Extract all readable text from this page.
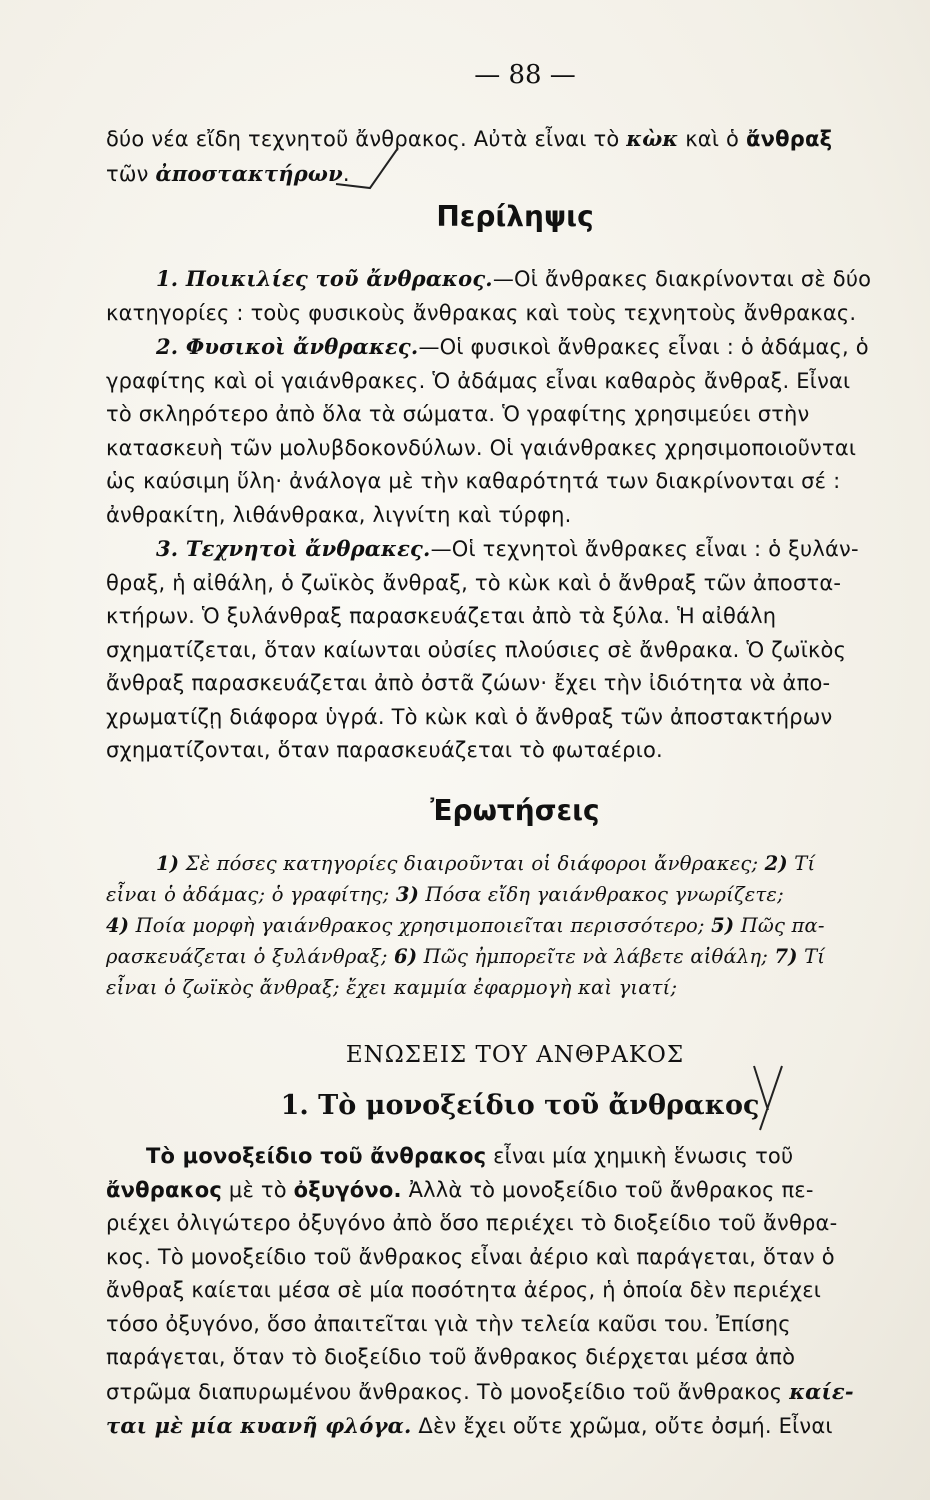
— 88 —

δύο νέα εἴδη τεχνητοῦ ἄνθρακος. Αὐτὰ εἶναι τὸ κὼκ καὶ ὁ ἄνθραξ

τῶν ἀποστακτήρων.

Περίληψις

1. Ποικιλίες τοῦ ἄνθρακος.—Οἱ ἄνθρακες διακρίνονται σὲ δύο

κατηγορίες : τοὺς φυσικοὺς ἄνθρακας καὶ τοὺς τεχνητοὺς ἄνθρακας.

2. Φυσικοὶ ἄνθρακες.—Οἱ φυσικοὶ ἄνθρακες εἶναι : ὁ ἀδάμας, ὁ

γραφίτης καὶ οἱ γαιάνθρακες. Ὁ ἀδάμας εἶναι καθαρὸς ἄνθραξ. Εἶναι

τὸ σκληρότερο ἀπὸ ὅλα τὰ σώματα. Ὁ γραφίτης χρησιμεύει στὴν

κατασκευὴ τῶν μολυβδοκονδύλων. Οἱ γαιάνθρακες χρησιμοποιοῦνται

ὡς καύσιμη ὕλη· ἀνάλογα μὲ τὴν καθαρότητά των διακρίνονται σέ :

ἀνθρακίτη, λιθάνθρακα, λιγνίτη καὶ τύρφη.

3. Τεχνητοὶ ἄνθρακες.—Οἱ τεχνητοὶ ἄνθρακες εἶναι : ὁ ξυλάν-

θραξ, ἡ αἰθάλη, ὁ ζωϊκὸς ἄνθραξ, τὸ κὼκ καὶ ὁ ἄνθραξ τῶν ἀποστα-

κτήρων. Ὁ ξυλάνθραξ παρασκευάζεται ἀπὸ τὰ ξύλα. Ἡ αἰθάλη

σχηματίζεται, ὅταν καίωνται οὐσίες πλούσιες σὲ ἄνθρακα. Ὁ ζωϊκὸς

ἄνθραξ παρασκευάζεται ἀπὸ ὀστᾶ ζώων· ἔχει τὴν ἰδιότητα νὰ ἀπο-

χρωματίζῃ διάφορα ὑγρά. Τὸ κὼκ καὶ ὁ ἄνθραξ τῶν ἀποστακτήρων

σχηματίζονται, ὅταν παρασκευάζεται τὸ φωταέριο.

Ἐρωτήσεις

1) Σὲ πόσες κατηγορίες διαιροῦνται οἱ διάφοροι ἄνθρακες; 2) Τί

εἶναι ὁ ἀδάμας; ὁ γραφίτης; 3) Πόσα εἴδη γαιάνθρακος γνωρίζετε;

4) Ποία μορφὴ γαιάνθρακος χρησιμοποιεῖται περισσότερο; 5) Πῶς πα-

ρασκευάζεται ὁ ξυλάνθραξ; 6) Πῶς ἠμπορεῖτε νὰ λάβετε αἰθάλη; 7) Τί

εἶναι ὁ ζωϊκὸς ἄνθραξ; ἔχει καμμία ἐφαρμογὴ καὶ γιατί;

ΕΝΩΣΕΙΣ ΤΟΥ ΑΝΘΡΑΚΟΣ
1. Τὸ μονοξείδιο τοῦ ἄνθρακος

Τὸ μονοξείδιο τοῦ ἄνθρακος εἶναι μία χημικὴ ἕνωσις τοῦ

ἄνθρακος μὲ τὸ ὀξυγόνο. Ἀλλὰ τὸ μονοξείδιο τοῦ ἄνθρακος πε-

ριέχει ὀλιγώτερο ὀξυγόνο ἀπὸ ὅσο περιέχει τὸ διοξείδιο τοῦ ἄνθρα-

κος. Τὸ μονοξείδιο τοῦ ἄνθρακος εἶναι ἀέριο καὶ παράγεται, ὅταν ὁ

ἄνθραξ καίεται μέσα σὲ μία ποσότητα ἀέρος, ἡ ὁποία δὲν περιέχει

τόσο ὀξυγόνο, ὅσο ἀπαιτεῖται γιὰ τὴν τελεία καῦσι του. Ἐπίσης

παράγεται, ὅταν τὸ διοξείδιο τοῦ ἄνθρακος διέρχεται μέσα ἀπὸ

στρῶμα διαπυρωμένου ἄνθρακος. Τὸ μονοξείδιο τοῦ ἄνθρακος καίε-

ται μὲ μία κυανῆ φλόγα. Δὲν ἔχει οὔτε χρῶμα, οὔτε ὀσμή. Εἶναι
